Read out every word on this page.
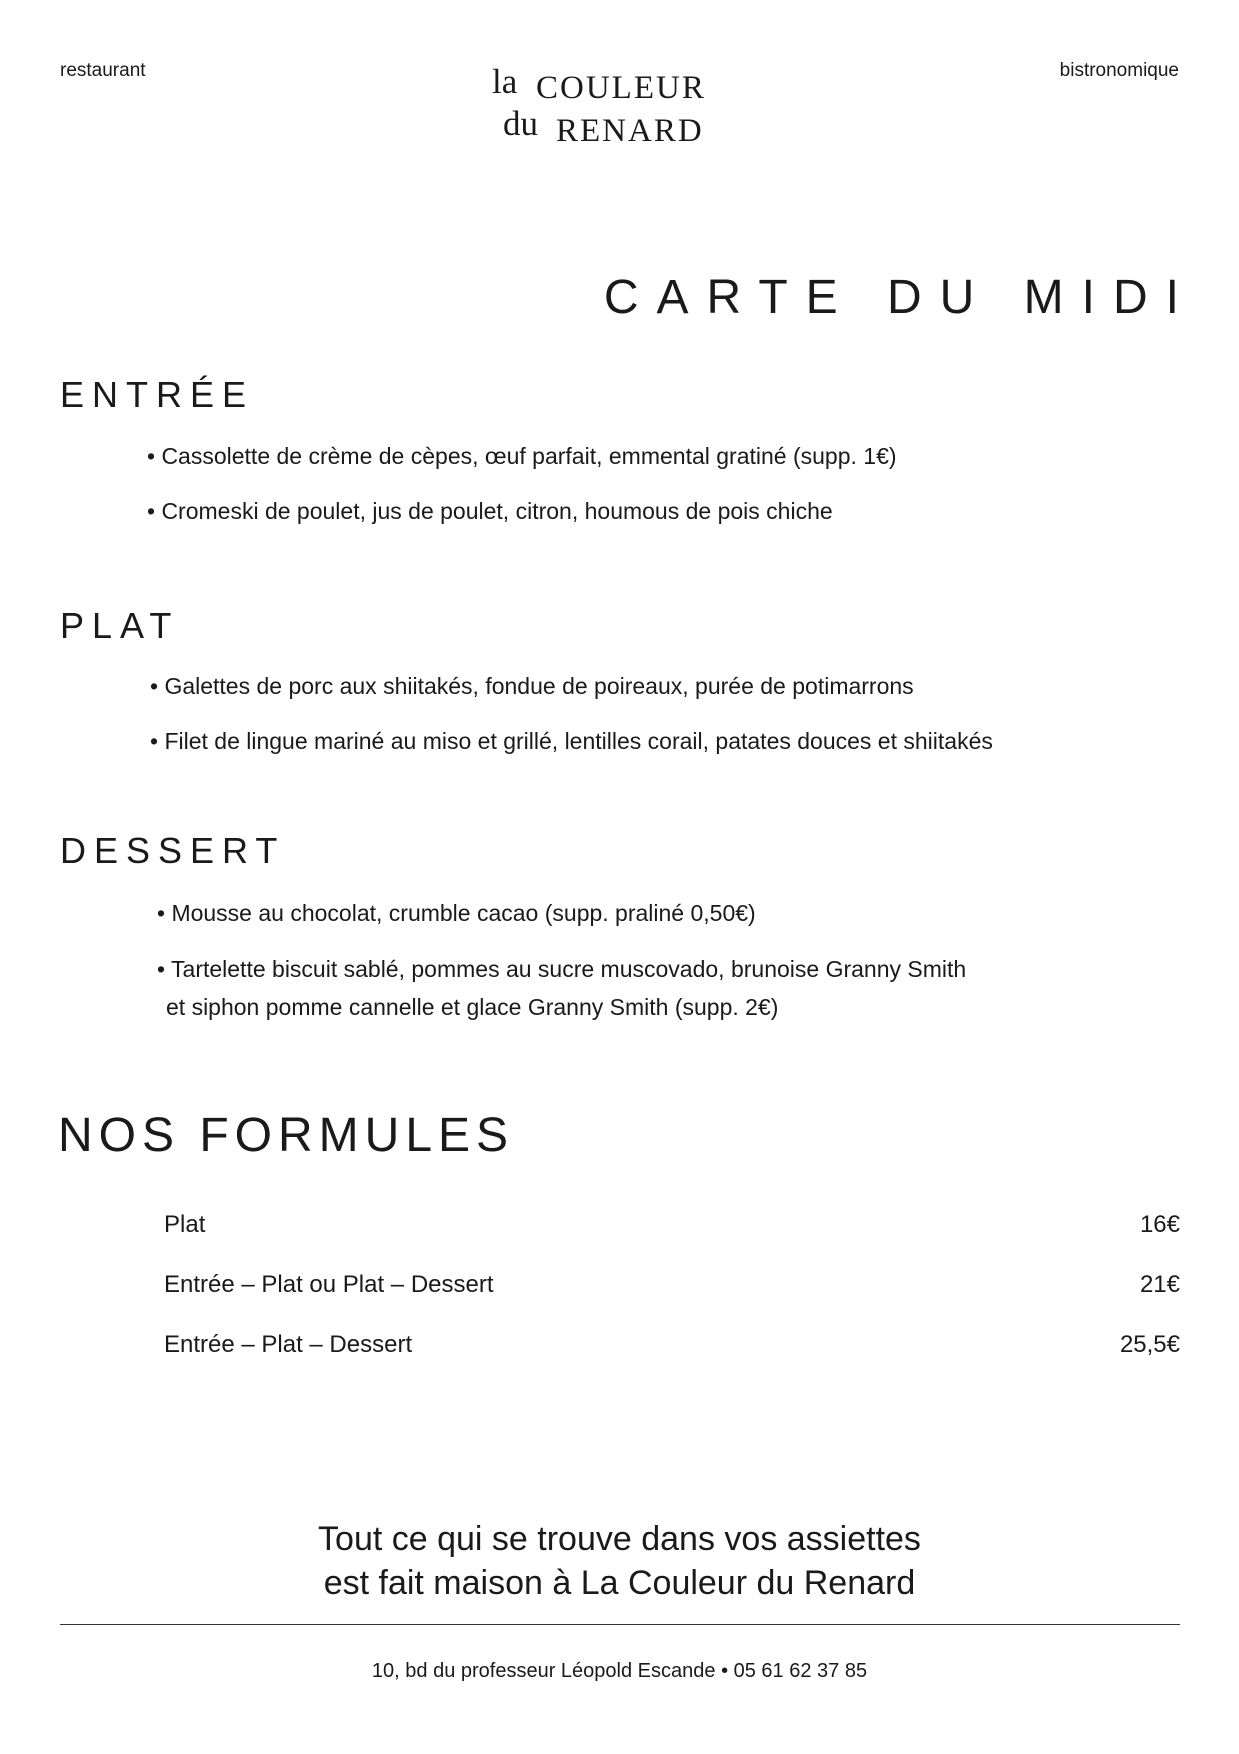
restaurant	bistronomique
la COULEUR
du RENARD
CARTE DU MIDI
ENTRÉE
• Cassolette de crème de cèpes, œuf parfait, emmental gratiné (supp. 1€)
• Cromeski de poulet, jus de poulet, citron, houmous de pois chiche
PLAT
• Galettes de porc aux shiitakés, fondue de poireaux, purée de potimarrons
• Filet de lingue mariné au miso et grillé, lentilles corail, patates douces et shiitakés
DESSERT
• Mousse au chocolat, crumble cacao (supp. praliné 0,50€)
• Tartelette biscuit sablé, pommes au sucre muscovado, brunoise Granny Smith
et siphon pomme cannelle et glace Granny Smith (supp. 2€)
NOS FORMULES
Plat	16€
Entrée – Plat ou Plat – Dessert	21€
Entrée – Plat – Dessert	25,5€
Tout ce qui se trouve dans vos assiettes
est fait maison à La Couleur du Renard
10, bd du professeur Léopold Escande • 05 61 62 37 85
